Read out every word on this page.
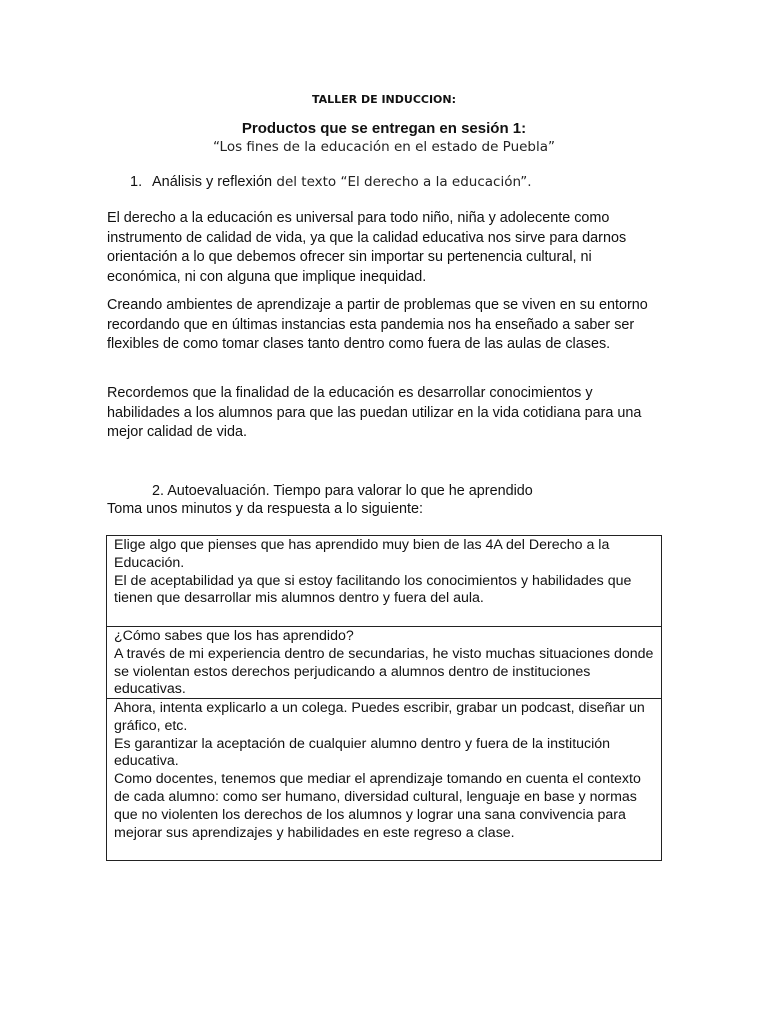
TALLER DE INDUCCION:
Productos que se entregan en sesión 1:
“Los fines de la educación en el estado de Puebla”
1. Análisis y reflexión del texto “El derecho a la educación”.

El derecho a la educación es universal para todo niño, niña y adolecente como instrumento de calidad de vida, ya que la calidad educativa nos sirve para darnos orientación a lo que debemos ofrecer sin importar su pertenencia cultural, ni económica, ni con alguna que implique inequidad.

Creando ambientes de aprendizaje a partir de problemas que se viven en su entorno recordando que en últimas instancias esta pandemia nos ha enseñado a saber ser flexibles de como tomar clases tanto dentro como fuera de las aulas de clases.

Recordemos que la finalidad de la educación es desarrollar conocimientos y habilidades a los alumnos para que las puedan utilizar en la vida cotidiana para una mejor calidad de vida.

2. Autoevaluación. Tiempo para valorar lo que he aprendido
Toma unos minutos y da respuesta a lo siguiente:
Elige algo que pienses que has aprendido muy bien de las 4A del Derecho a la Educación.
El de aceptabilidad ya que si estoy facilitando los conocimientos y habilidades que tienen que desarrollar mis alumnos dentro y fuera del aula.
¿Cómo sabes que los has aprendido?
A través de mi experiencia dentro de secundarias, he visto muchas situaciones donde se violentan estos derechos perjudicando a alumnos dentro de instituciones educativas.
Ahora, intenta explicarlo a un colega. Puedes escribir, grabar un podcast, diseñar un gráfico, etc.
Es garantizar la aceptación de cualquier alumno dentro y fuera de la institución educativa.
Como docentes, tenemos que mediar el aprendizaje tomando en cuenta el contexto de cada alumno: como ser humano, diversidad cultural, lenguaje en base y normas que no violenten los derechos de los alumnos y lograr una sana convivencia para mejorar sus aprendizajes y habilidades en este regreso a clase.
